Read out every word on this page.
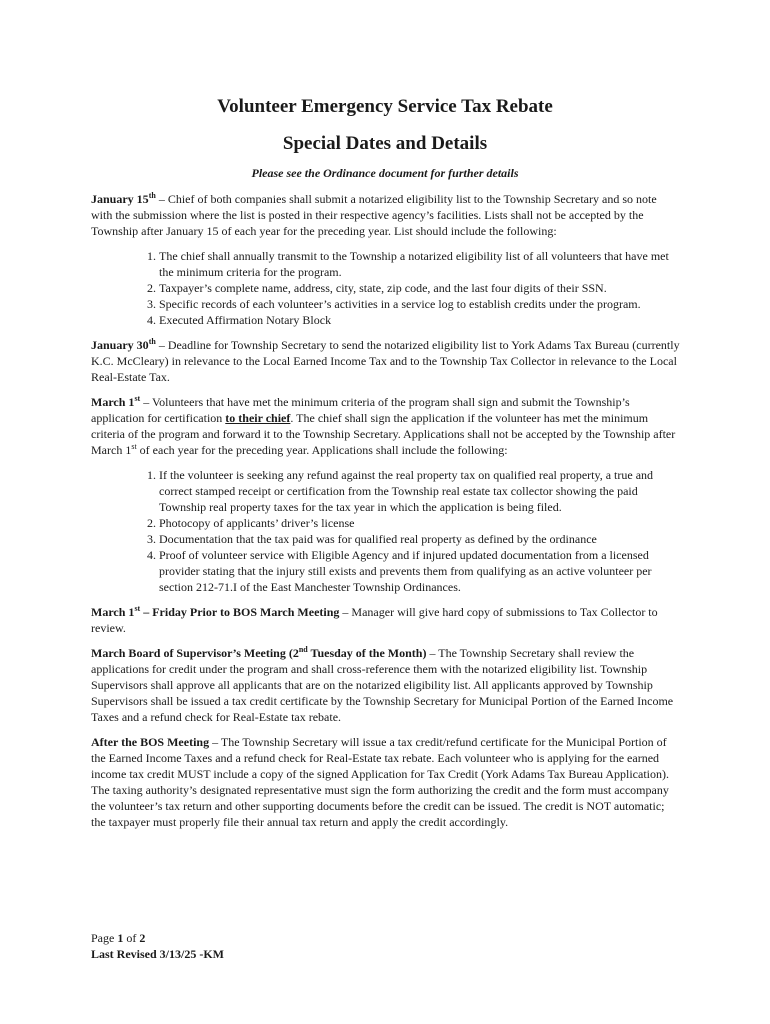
Volunteer Emergency Service Tax Rebate
Special Dates and Details
Please see the Ordinance document for further details

January 15th – Chief of both companies shall submit a notarized eligibility list to the Township Secretary and so note with the submission where the list is posted in their respective agency’s facilities. Lists shall not be accepted by the Township after January 15 of each year for the preceding year. List should include the following:

1. The chief shall annually transmit to the Township a notarized eligibility list of all volunteers that have met the minimum criteria for the program.
2. Taxpayer’s complete name, address, city, state, zip code, and the last four digits of their SSN.
3. Specific records of each volunteer’s activities in a service log to establish credits under the program.
4. Executed Affirmation Notary Block

January 30th – Deadline for Township Secretary to send the notarized eligibility list to York Adams Tax Bureau (currently K.C. McCleary) in relevance to the Local Earned Income Tax and to the Township Tax Collector in relevance to the Local Real-Estate Tax.

March 1st – Volunteers that have met the minimum criteria of the program shall sign and submit the Township’s application for certification to their chief. The chief shall sign the application if the volunteer has met the minimum criteria of the program and forward it to the Township Secretary. Applications shall not be accepted by the Township after March 1st of each year for the preceding year. Applications shall include the following:

1. If the volunteer is seeking any refund against the real property tax on qualified real property, a true and correct stamped receipt or certification from the Township real estate tax collector showing the paid Township real property taxes for the tax year in which the application is being filed.
2. Photocopy of applicants’ driver’s license
3. Documentation that the tax paid was for qualified real property as defined by the ordinance
4. Proof of volunteer service with Eligible Agency and if injured updated documentation from a licensed provider stating that the injury still exists and prevents them from qualifying as an active volunteer per section 212-71.I of the East Manchester Township Ordinances.

March 1st – Friday Prior to BOS March Meeting – Manager will give hard copy of submissions to Tax Collector to review.

March Board of Supervisor’s Meeting (2nd Tuesday of the Month) – The Township Secretary shall review the applications for credit under the program and shall cross-reference them with the notarized eligibility list. Township Supervisors shall approve all applicants that are on the notarized eligibility list. All applicants approved by Township Supervisors shall be issued a tax credit certificate by the Township Secretary for Municipal Portion of the Earned Income Taxes and a refund check for Real-Estate tax rebate.

After the BOS Meeting – The Township Secretary will issue a tax credit/refund certificate for the Municipal Portion of the Earned Income Taxes and a refund check for Real-Estate tax rebate. Each volunteer who is applying for the earned income tax credit MUST include a copy of the signed Application for Tax Credit (York Adams Tax Bureau Application). The taxing authority’s designated representative must sign the form authorizing the credit and the form must accompany the volunteer’s tax return and other supporting documents before the credit can be issued. The credit is NOT automatic; the taxpayer must properly file their annual tax return and apply the credit accordingly.

Page 1 of 2
Last Revised 3/13/25 -KM
